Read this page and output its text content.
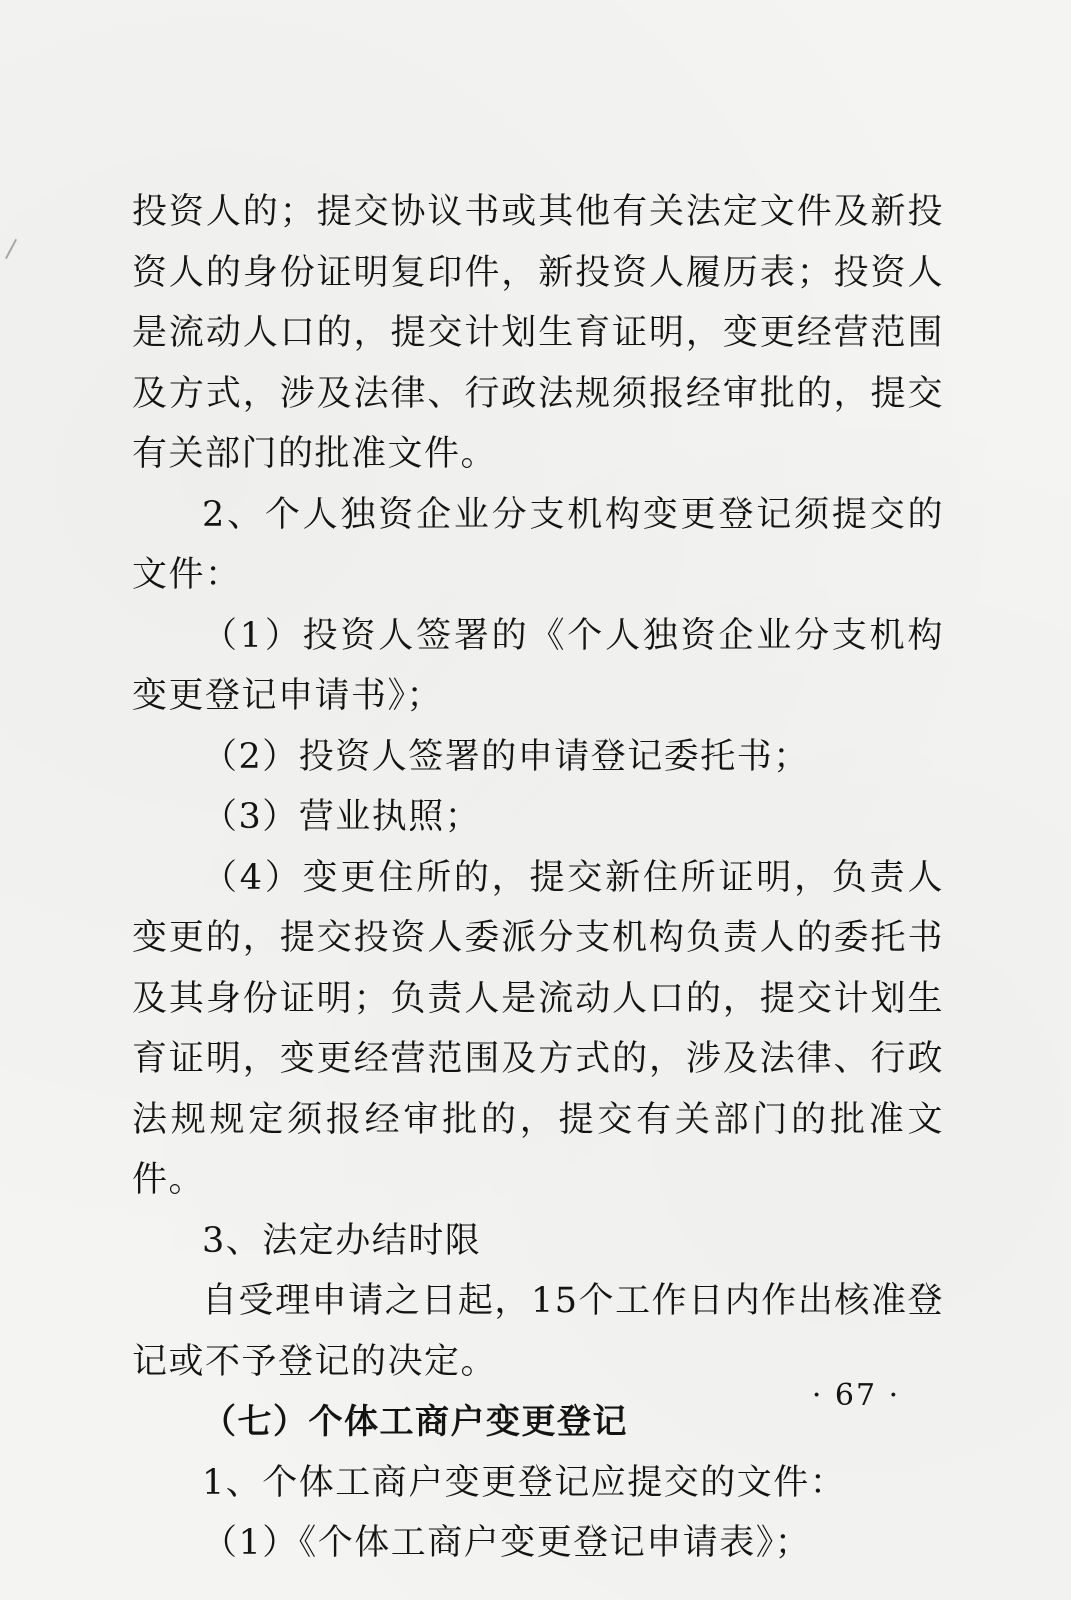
投资人的；提交协议书或其他有关法定文件及新投资人的身份证明复印件，新投资人履历表；投资人是流动人口的，提交计划生育证明，变更经营范围及方式，涉及法律、行政法规须报经审批的，提交有关部门的批准文件。

2、个人独资企业分支机构变更登记须提交的文件：

（1）投资人签署的《个人独资企业分支机构变更登记申请书》；

（2）投资人签署的申请登记委托书；

（3）营业执照；

（4）变更住所的，提交新住所证明，负责人变更的，提交投资人委派分支机构负责人的委托书及其身份证明；负责人是流动人口的，提交计划生育证明，变更经营范围及方式的，涉及法律、行政法规规定须报经审批的，提交有关部门的批准文件。

3、法定办结时限

自受理申请之日起，15个工作日内作出核准登记或不予登记的决定。

（七）个体工商户变更登记

1、个体工商户变更登记应提交的文件：

（1）《个体工商户变更登记申请表》；

· 67 ·
